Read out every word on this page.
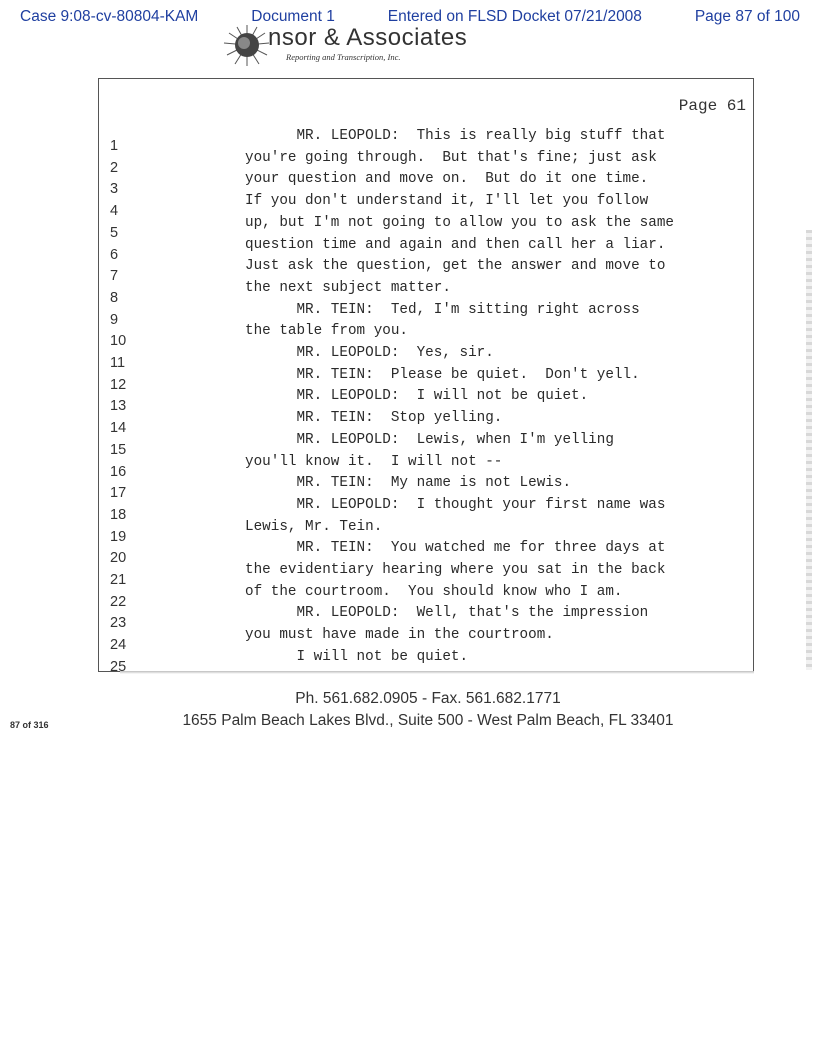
Case 9:08-cv-80804-KAM	Document 1	Entered on FLSD Docket 07/21/2008	Page 87 of 100
nsor & Associates
Reporting and Transcription, Inc.
Page 61
1
MR. LEOPOLD:  This is really big stuff that
2
you're going through.  But that's fine; just ask
3
your question and move on.  But do it one time.
4
If you don't understand it, I'll let you follow
5
up, but I'm not going to allow you to ask the same
6
question time and again and then call her a liar.
7
Just ask the question, get the answer and move to
8
the next subject matter.
9
MR. TEIN:  Ted, I'm sitting right across
10
the table from you.
11
MR. LEOPOLD:  Yes, sir.
12
MR. TEIN:  Please be quiet.  Don't yell.
13
MR. LEOPOLD:  I will not be quiet.
14
MR. TEIN:  Stop yelling.
15
MR. LEOPOLD:  Lewis, when I'm yelling
16
you'll know it.  I will not --
17
MR. TEIN:  My name is not Lewis.
18
MR. LEOPOLD:  I thought your first name was
19
Lewis, Mr. Tein.
20
MR. TEIN:  You watched me for three days at
21
the evidentiary hearing where you sat in the back
22
of the courtroom.  You should know who I am.
23
MR. LEOPOLD:  Well, that's the impression
24
you must have made in the courtroom.
25
I will not be quiet.
Ph. 561.682.0905 - Fax. 561.682.1771
1655 Palm Beach Lakes Blvd., Suite 500 - West Palm Beach, FL 33401
87 of 316
